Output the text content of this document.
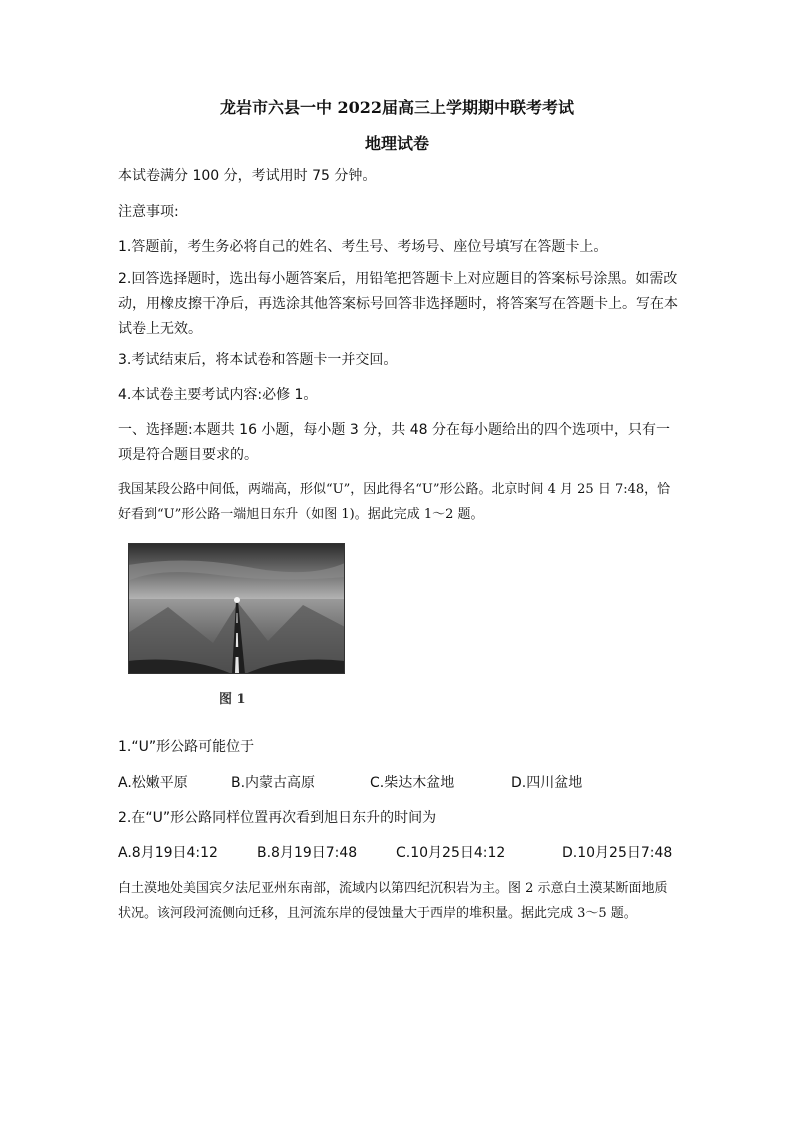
龙岩市六县一中 2022届高三上学期期中联考考试
地理试卷
本试卷满分 100 分，考试用时 75 分钟。
注意事项:
1.答题前，考生务必将自己的姓名、考生号、考场号、座位号填写在答题卡上。
2.回答选择题时，选出每小题答案后，用铅笔把答题卡上对应题目的答案标号涂黑。如需改动，用橡皮擦干净后，再选涂其他答案标号回答非选择题时，将答案写在答题卡上。写在本试卷上无效。
3.考试结束后，将本试卷和答题卡一并交回。
4.本试卷主要考试内容:必修 1。
一、选择题:本题共 16 小题，每小题 3 分，共 48 分在每小题给出的四个选项中，只有一项是符合题目要求的。
我国某段公路中间低，两端高，形似“U”，因此得名“U”形公路。北京时间 4 月 25 日 7:48，恰好看到“U”形公路一端旭日东升（如图 1)。据此完成 1～2 题。
图 1
1.“U”形公路可能位于
A.松嫩平原	B.内蒙古高原	C.柴达木盆地	D.四川盆地
2.在“U”形公路同样位置再次看到旭日东升的时间为
A.8月19日4:12	B.8月19日7:48	C.10月25日4:12	D.10月25日7:48
白土漠地处美国宾夕法尼亚州东南部，流域内以第四纪沉积岩为主。图 2 示意白土漠某断面地质状况。该河段河流侧向迁移，且河流东岸的侵蚀量大于西岸的堆积量。据此完成 3～5 题。
